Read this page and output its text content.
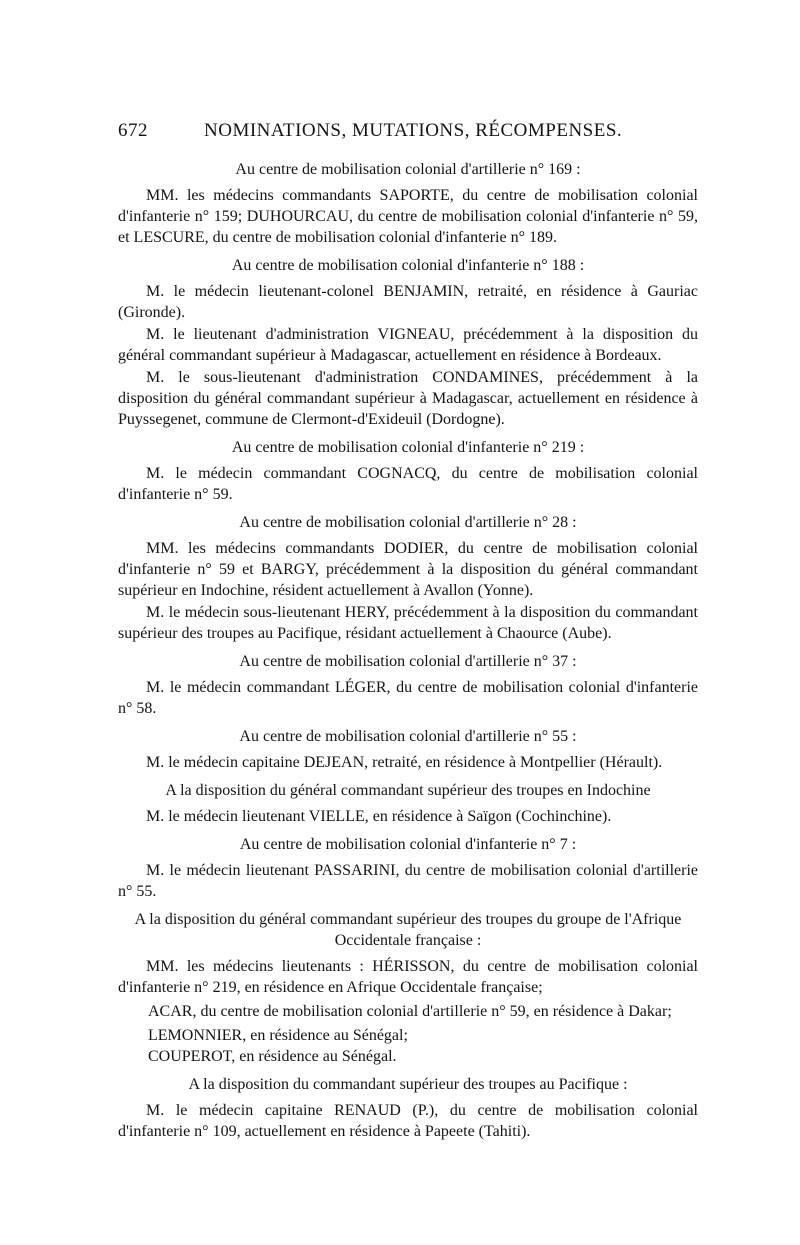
672	NOMINATIONS, MUTATIONS, RÉCOMPENSES.

Au centre de mobilisation colonial d'artillerie n° 169 :

MM. les médecins commandants SAPORTE, du centre de mobilisation colonial d'infanterie n° 159; DUHOURCAU, du centre de mobilisation colonial d'infanterie n° 59, et LESCURE, du centre de mobilisation colonial d'infanterie n° 189.

Au centre de mobilisation colonial d'infanterie n° 188 :

M. le médecin lieutenant-colonel BENJAMIN, retraité, en résidence à Gauriac (Gironde).

M. le lieutenant d'administration VIGNEAU, précédemment à la disposition du général commandant supérieur à Madagascar, actuellement en résidence à Bordeaux.

M. le sous-lieutenant d'administration CONDAMINES, précédemment à la disposition du général commandant supérieur à Madagascar, actuellement en résidence à Puyssegenet, commune de Clermont-d'Exideuil (Dordogne).

Au centre de mobilisation colonial d'infanterie n° 219 :

M. le médecin commandant COGNACQ, du centre de mobilisation colonial d'infanterie n° 59.

Au centre de mobilisation colonial d'artillerie n° 28 :

MM. les médecins commandants DODIER, du centre de mobilisation colonial d'infanterie n° 59 et BARGY, précédemment à la disposition du général commandant supérieur en Indochine, résident actuellement à Avallon (Yonne).

M. le médecin sous-lieutenant HERY, précédemment à la disposition du commandant supérieur des troupes au Pacifique, résidant actuellement à Chaource (Aube).

Au centre de mobilisation colonial d'artillerie n° 37 :

M. le médecin commandant LÉGER, du centre de mobilisation colonial d'infanterie n° 58.

Au centre de mobilisation colonial d'artillerie n° 55 :

M. le médecin capitaine DEJEAN, retraité, en résidence à Montpellier (Hérault).

A la disposition du général commandant supérieur des troupes en Indochine

M. le médecin lieutenant VIELLE, en résidence à Saïgon (Cochinchine).

Au centre de mobilisation colonial d'infanterie n° 7 :

M. le médecin lieutenant PASSARINI, du centre de mobilisation colonial d'artillerie n° 55.

A la disposition du général commandant supérieur des troupes du groupe de l'Afrique Occidentale française :

MM. les médecins lieutenants : HÉRISSON, du centre de mobilisation colonial d'infanterie n° 219, en résidence en Afrique Occidentale française;

ACAR, du centre de mobilisation colonial d'artillerie n° 59, en résidence à Dakar;

LEMONNIER, en résidence au Sénégal;

COUPEROT, en résidence au Sénégal.

A la disposition du commandant supérieur des troupes au Pacifique :

M. le médecin capitaine RENAUD (P.), du centre de mobilisation colonial d'infanterie n° 109, actuellement en résidence à Papeete (Tahiti).
